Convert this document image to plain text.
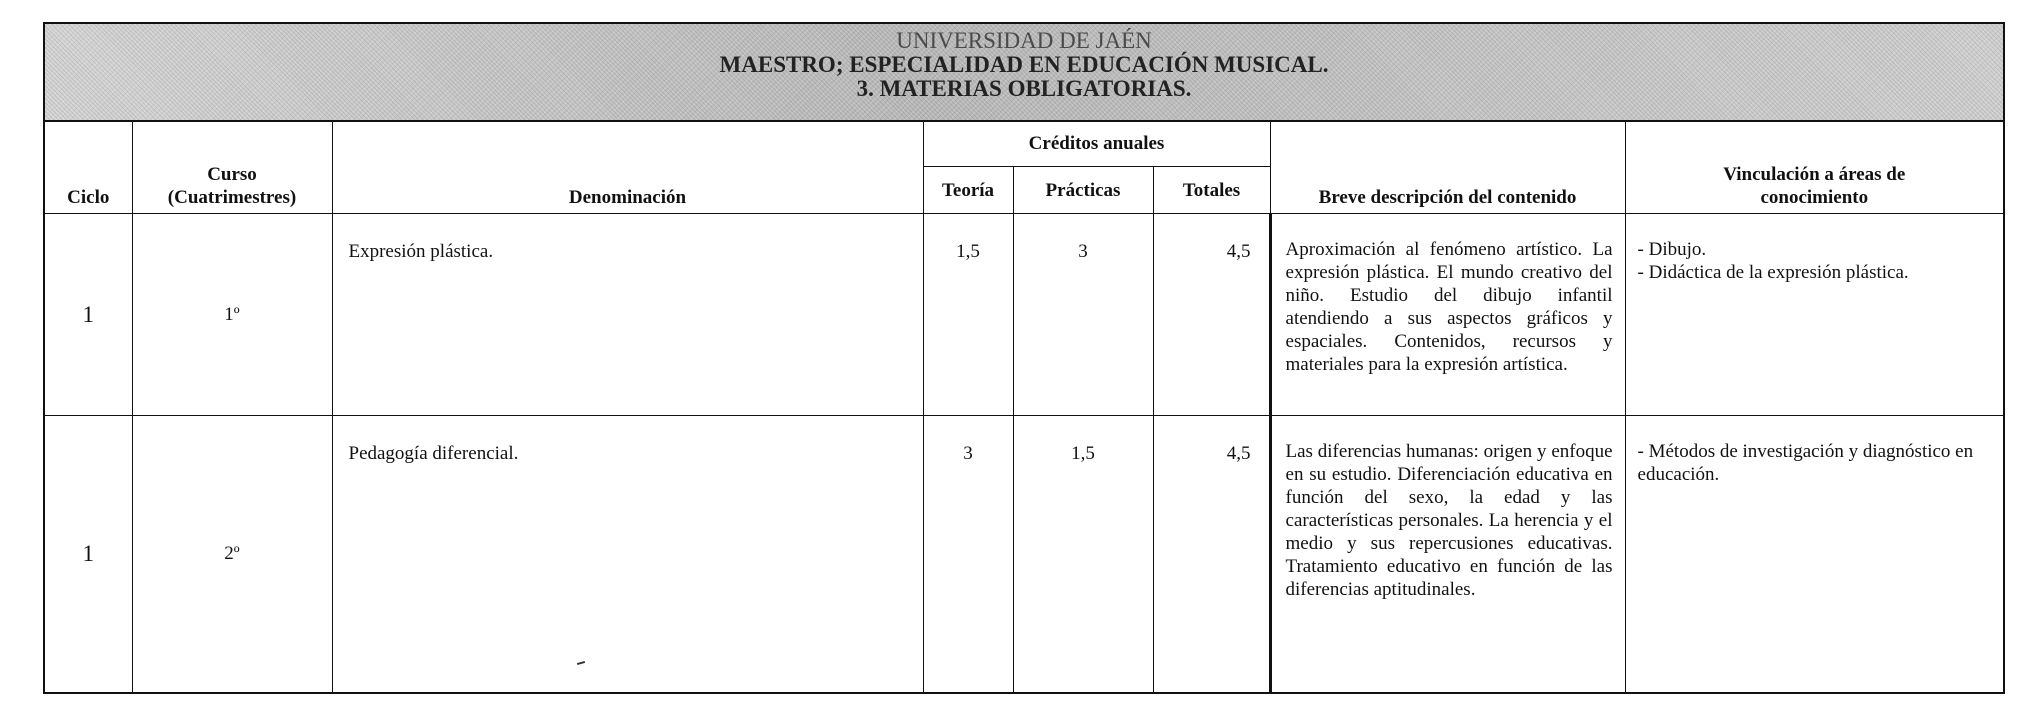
UNIVERSIDAD DE JAÉN
MAESTRO; ESPECIALIDAD EN EDUCACIÓN MUSICAL.
3. MATERIAS OBLIGATORIAS.
Ciclo	Curso
(Cuatrimestres)	Denominación	Créditos anuales			Breve descripción del contenido	Vinculación a áreas de
conocimiento

			Teoría	Prácticas	Totales		
1	1º	Expresión plástica.	1,5	3	4,5	Aproximación al fenómeno artístico. La expresión plástica. El mundo creativo del niño. Estudio del dibujo infantil atendiendo a sus aspectos gráficos y espaciales. Contenidos, recursos y materiales para la expresión artística.	- Dibujo.
- Didáctica de la expresión plástica.

1	2º	Pedagogía diferencial.	3	1,5	4,5	Las diferencias humanas: origen y enfoque en su estudio. Diferenciación educativa en función del sexo, la edad y las características personales. La herencia y el medio y sus repercusiones educativas. Tratamiento educativo en función de las diferencias aptitudinales.	- Métodos de investigación y diagnóstico en educación.
